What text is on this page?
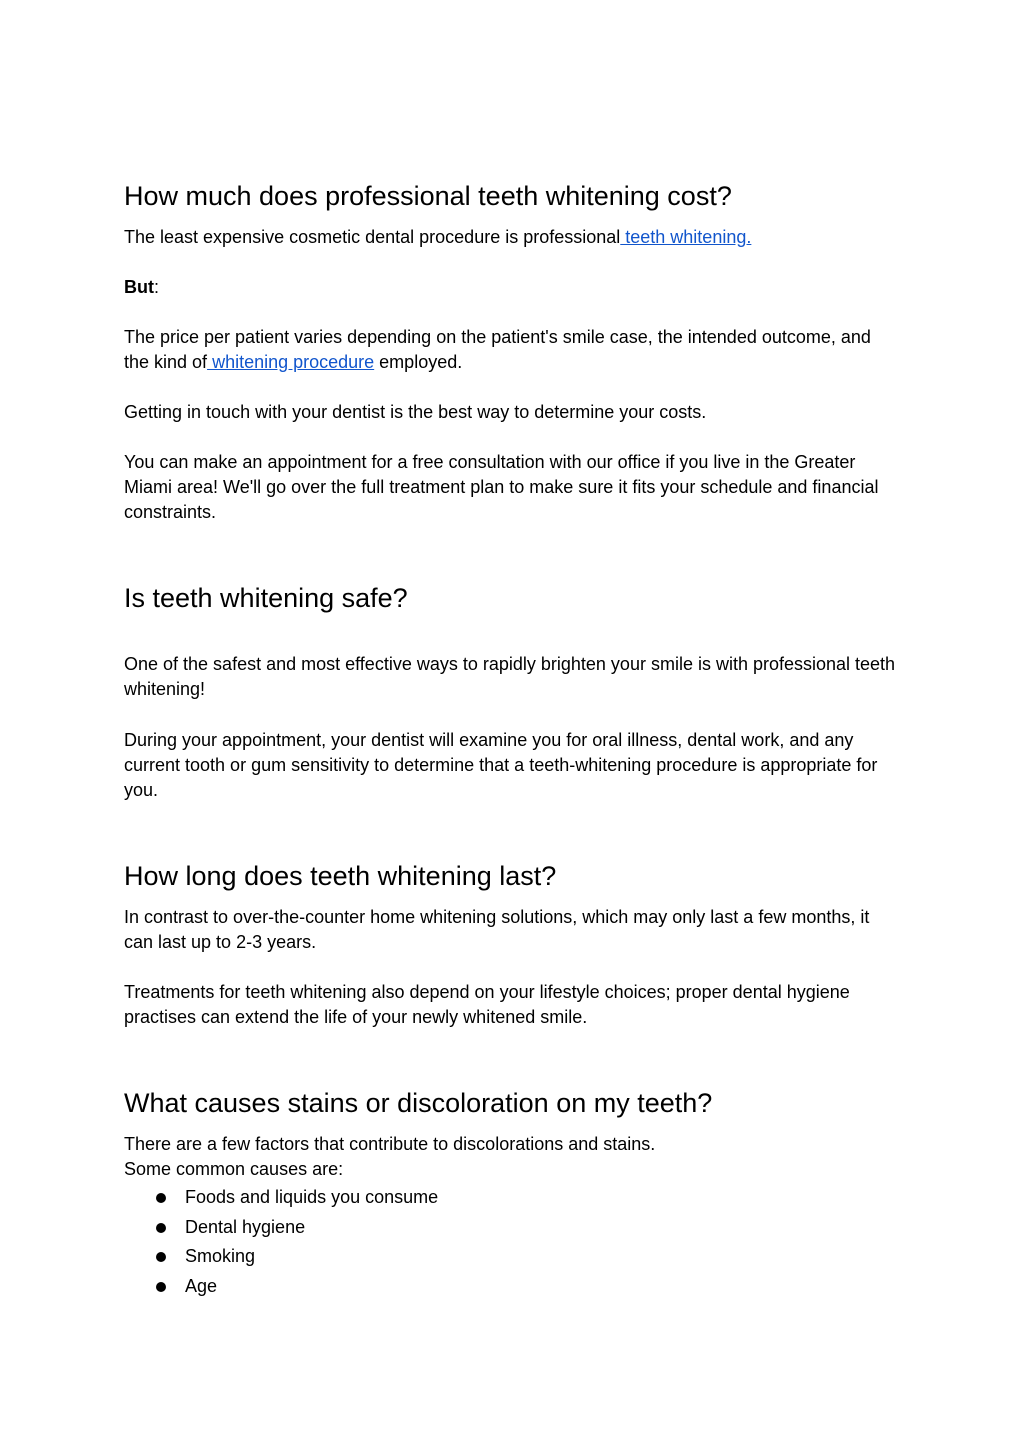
How much does professional teeth whitening cost?

The least expensive cosmetic dental procedure is professional teeth whitening.

But:

The price per patient varies depending on the patient's smile case, the intended outcome, and the kind of whitening procedure employed.

Getting in touch with your dentist is the best way to determine your costs.

You can make an appointment for a free consultation with our office if you live in the Greater Miami area! We'll go over the full treatment plan to make sure it fits your schedule and financial constraints.

Is teeth whitening safe?

One of the safest and most effective ways to rapidly brighten your smile is with professional teeth whitening!

During your appointment, your dentist will examine you for oral illness, dental work, and any current tooth or gum sensitivity to determine that a teeth-whitening procedure is appropriate for you.

How long does teeth whitening last?

In contrast to over-the-counter home whitening solutions, which may only last a few months, it can last up to 2-3 years.

Treatments for teeth whitening also depend on your lifestyle choices; proper dental hygiene practises can extend the life of your newly whitened smile.

What causes stains or discoloration on my teeth?

There are a few factors that contribute to discolorations and stains.

Some common causes are:

Foods and liquids you consume
Dental hygiene
Smoking
Age
